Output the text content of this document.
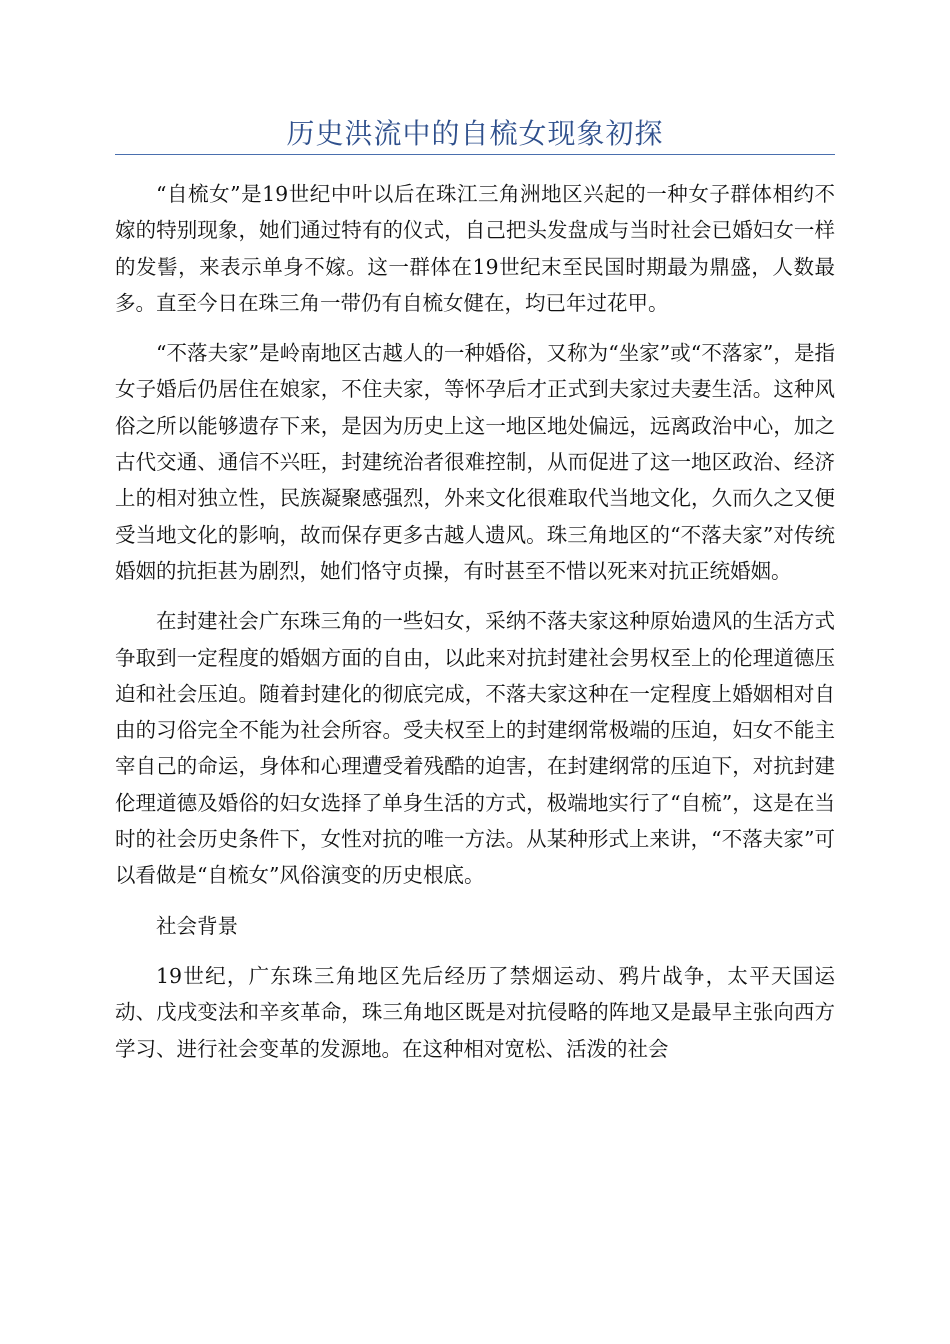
历史洪流中的自梳女现象初探

“自梳女”是19世纪中叶以后在珠江三角洲地区兴起的一种女子群体相约不嫁的特别现象，她们通过特有的仪式，自己把头发盘成与当时社会已婚妇女一样的发髻，来表示单身不嫁。这一群体在19世纪末至民国时期最为鼎盛，人数最多。直至今日在珠三角一带仍有自梳女健在，均已年过花甲。

“不落夫家”是岭南地区古越人的一种婚俗，又称为“坐家”或“不落家”，是指女子婚后仍居住在娘家，不住夫家，等怀孕后才正式到夫家过夫妻生活。这种风俗之所以能够遗存下来，是因为历史上这一地区地处偏远，远离政治中心，加之古代交通、通信不兴旺，封建统治者很难控制，从而促进了这一地区政治、经济上的相对独立性，民族凝聚感强烈，外来文化很难取代当地文化，久而久之又便受当地文化的影响，故而保存更多古越人遗风。珠三角地区的“不落夫家”对传统婚姻的抗拒甚为剧烈，她们恪守贞操，有时甚至不惜以死来对抗正统婚姻。

在封建社会广东珠三角的一些妇女，采纳不落夫家这种原始遗风的生活方式争取到一定程度的婚姻方面的自由，以此来对抗封建社会男权至上的伦理道德压迫和社会压迫。随着封建化的彻底完成，不落夫家这种在一定程度上婚姻相对自由的习俗完全不能为社会所容。受夫权至上的封建纲常极端的压迫，妇女不能主宰自己的命运，身体和心理遭受着残酷的迫害，在封建纲常的压迫下，对抗封建伦理道德及婚俗的妇女选择了单身生活的方式，极端地实行了“自梳”，这是在当时的社会历史条件下，女性对抗的唯一方法。从某种形式上来讲，“不落夫家”可以看做是“自梳女”风俗演变的历史根底。

社会背景

19世纪，广东珠三角地区先后经历了禁烟运动、鸦片战争，太平天国运动、戊戌变法和辛亥革命，珠三角地区既是对抗侵略的阵地又是最早主张向西方学习、进行社会变革的发源地。在这种相对宽松、活泼的社会
